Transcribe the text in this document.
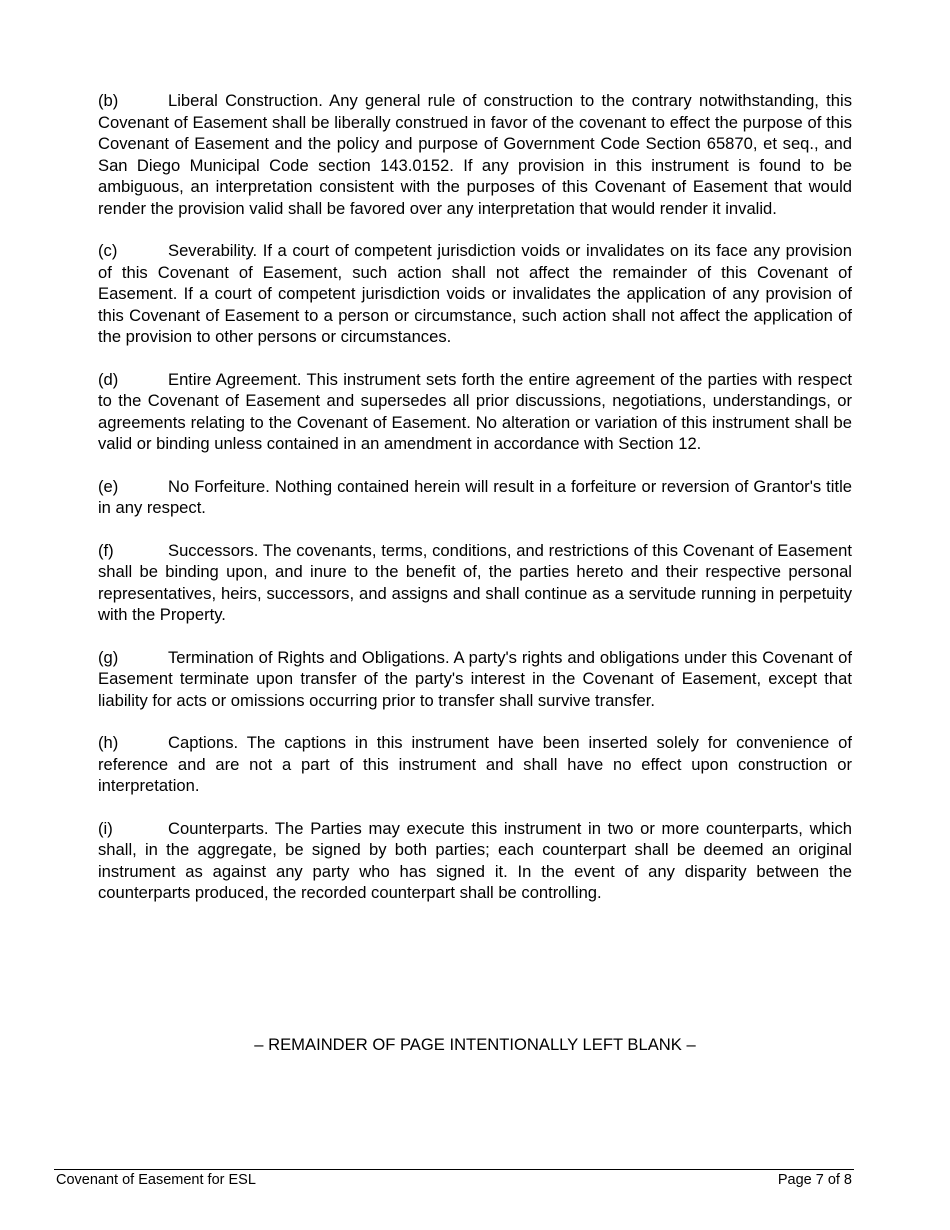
(b)	Liberal Construction. Any general rule of construction to the contrary notwithstanding, this Covenant of Easement shall be liberally construed in favor of the covenant to effect the purpose of this Covenant of Easement and the policy and purpose of Government Code Section 65870, et seq., and San Diego Municipal Code section 143.0152. If any provision in this instrument is found to be ambiguous, an interpretation consistent with the purposes of this Covenant of Easement that would render the provision valid shall be favored over any interpretation that would render it invalid.

(c)	Severability. If a court of competent jurisdiction voids or invalidates on its face any provision of this Covenant of Easement, such action shall not affect the remainder of this Covenant of Easement. If a court of competent jurisdiction voids or invalidates the application of any provision of this Covenant of Easement to a person or circumstance, such action shall not affect the application of the provision to other persons or circumstances.

(d)	Entire Agreement. This instrument sets forth the entire agreement of the parties with respect to the Covenant of Easement and supersedes all prior discussions, negotiations, understandings, or agreements relating to the Covenant of Easement. No alteration or variation of this instrument shall be valid or binding unless contained in an amendment in accordance with Section 12.

(e)	No Forfeiture. Nothing contained herein will result in a forfeiture or reversion of Grantor's title in any respect.

(f)	Successors. The covenants, terms, conditions, and restrictions of this Covenant of Easement shall be binding upon, and inure to the benefit of, the parties hereto and their respective personal representatives, heirs, successors, and assigns and shall continue as a servitude running in perpetuity with the Property.

(g)	Termination of Rights and Obligations. A party's rights and obligations under this Covenant of Easement terminate upon transfer of the party's interest in the Covenant of Easement, except that liability for acts or omissions occurring prior to transfer shall survive transfer.

(h)	Captions. The captions in this instrument have been inserted solely for convenience of reference and are not a part of this instrument and shall have no effect upon construction or interpretation.

(i)	Counterparts. The Parties may execute this instrument in two or more counterparts, which shall, in the aggregate, be signed by both parties; each counterpart shall be deemed an original instrument as against any party who has signed it. In the event of any disparity between the counterparts produced, the recorded counterpart shall be controlling.

– REMAINDER OF PAGE INTENTIONALLY LEFT BLANK –
Covenant of Easement for ESL	Page 7 of 8
